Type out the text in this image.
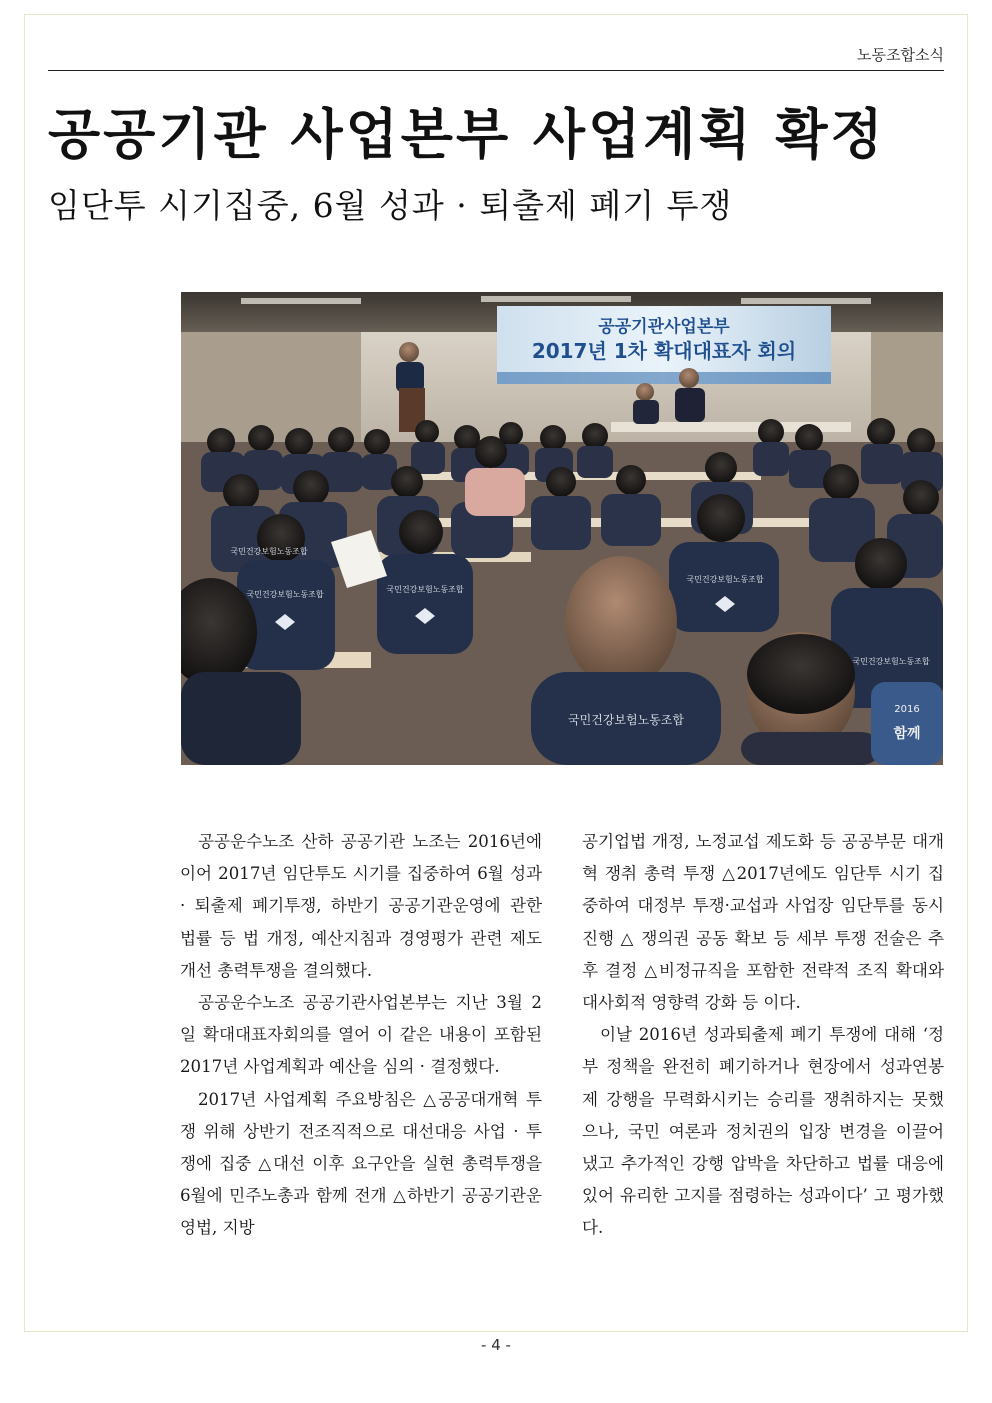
노동조합소식
공공기관 사업본부 사업계획 확정
임단투 시기집중, 6월 성과 · 퇴출제 폐기 투쟁
공공기관사업본부
2017년 1차 확대대표자 회의
국민건강보험노동조합
국민건강보험노동조합
국민건강보험노동조합
국민건강보험노동조합
국민건강보험노동조합
2016
함께
국민건강보험노동조합

공공운수노조 산하 공공기관 노조는 2016년에 이어 2017년 임단투도 시기를 집중하여 6월 성과 · 퇴출제 폐기투쟁, 하반기 공공기관운영에 관한 법률 등 법 개정, 예산지침과 경영평가 관련 제도개선 총력투쟁을 결의했다.

공공운수노조 공공기관사업본부는 지난 3월 2일 확대대표자회의를 열어 이 같은 내용이 포함된 2017년 사업계획과 예산을 심의 · 결정했다.

2017년 사업계획 주요방침은 △공공대개혁 투쟁 위해 상반기 전조직적으로 대선대응 사업 · 투쟁에 집중 △대선 이후 요구안을 실현 총력투쟁을 6월에 민주노총과 함께 전개 △하반기 공공기관운영법, 지방

공기업법 개정, 노정교섭 제도화 등 공공부문 대개혁 쟁취 총력 투쟁 △2017년에도 임단투 시기 집중하여 대정부 투쟁·교섭과 사업장 임단투를 동시 진행 △ 쟁의권 공동 확보 등 세부 투쟁 전술은 추후 결정 △비정규직을 포함한 전략적 조직 확대와 대사회적 영향력 강화 등 이다.

이날 2016년 성과퇴출제 폐기 투쟁에 대해 ‘정부 정책을 완전히 폐기하거나 현장에서 성과연봉제 강행을 무력화시키는 승리를 쟁취하지는 못했으나, 국민 여론과 정치권의 입장 변경을 이끌어 냈고 추가적인 강행 압박을 차단하고 법률 대응에 있어 유리한 고지를 점령하는 성과이다’ 고 평가했다.

- 4 -
